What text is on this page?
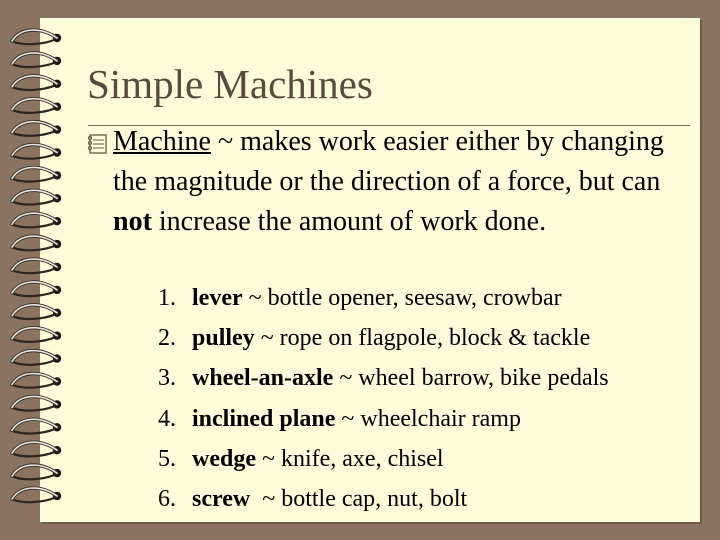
Simple Machines
Machine ~ makes work easier either by changing the magnitude or the direction of a force, but can not increase the amount of work done.
1. lever ~ bottle opener, seesaw, crowbar
2. pulley ~ rope on flagpole, block & tackle
3. wheel-an-axle ~ wheel barrow, bike pedals
4. inclined plane ~ wheelchair ramp
5. wedge ~ knife, axe, chisel
6. screw  ~ bottle cap, nut, bolt
